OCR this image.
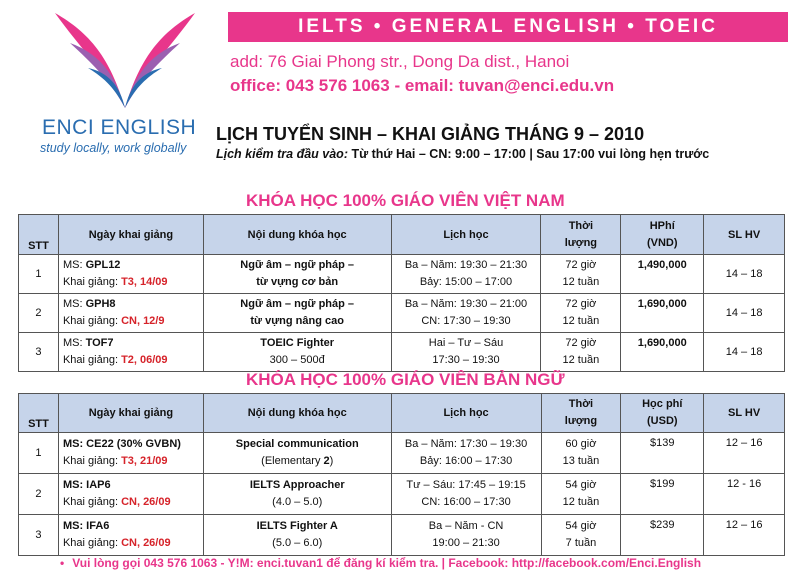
ENCI ENGLISH
study locally, work globally
IELTS • GENERAL ENGLISH • TOEIC
add: 76 Giai Phong str., Dong Da dist., Hanoi
office: 043 576 1063 - email: tuvan@enci.edu.vn
LỊCH TUYỂN SINH – KHAI GIẢNG THÁNG 9 – 2010
Lịch kiểm tra đầu vào: Từ thứ Hai – CN: 9:00 – 17:00 | Sau 17:00 vui lòng hẹn trước
KHÓA HỌC 100% GIÁO VIÊN VIỆT NAM
STT	Ngày khai giảng	Nội dung khóa học	Lịch học	Thời
lượng	HPhí
(VND)	SL HV
1	MS: GPL12
Khai giảng: T3, 14/09	Ngữ âm – ngữ pháp –
từ vựng cơ bản	Ba – Năm: 19:30 – 21:30
Bảy: 15:00 – 17:00	72 giờ
12 tuần	1,490,000	14 – 18
2	MS: GPH8
Khai giảng: CN, 12/9	Ngữ âm – ngữ pháp –
từ vựng nâng cao	Ba – Năm: 19:30 – 21:00
CN: 17:30 – 19:30	72 giờ
12 tuần	1,690,000	14 – 18
3	MS: TOF7
Khai giảng: T2, 06/09	TOEIC Fighter
300 – 500đ	Hai – Tư – Sáu
17:30 – 19:30	72 giờ
12 tuần	1,690,000	14 – 18
KHÓA HỌC 100% GIÁO VIÊN BẢN NGỮ
STT	Ngày khai giảng	Nội dung khóa học	Lịch học	Thời
lượng	Học phí
(USD)	SL HV
1	MS: CE22 (30% GVBN)
Khai giảng: T3, 21/09	Special communication
(Elementary 2)	Ba – Năm: 17:30 – 19:30
Bảy: 16:00 – 17:30	60 giờ
13 tuần	$139	12 – 16
2	MS: IAP6
Khai giảng: CN, 26/09	IELTS Approacher
(4.0 – 5.0)	Tư – Sáu: 17:45 – 19:15
CN: 16:00 – 17:30	54 giờ
12 tuần	$199	12 - 16
3	MS: IFA6
Khai giảng: CN, 26/09	IELTS Fighter A
(5.0 – 6.0)	Ba – Năm - CN
19:00 – 21:30	54 giờ
7 tuần	$239	12 – 16
• Vui lòng gọi 043 576 1063 - Y!M: enci.tuvan1 để đăng kí kiểm tra. | Facebook: http://facebook.com/Enci.English
